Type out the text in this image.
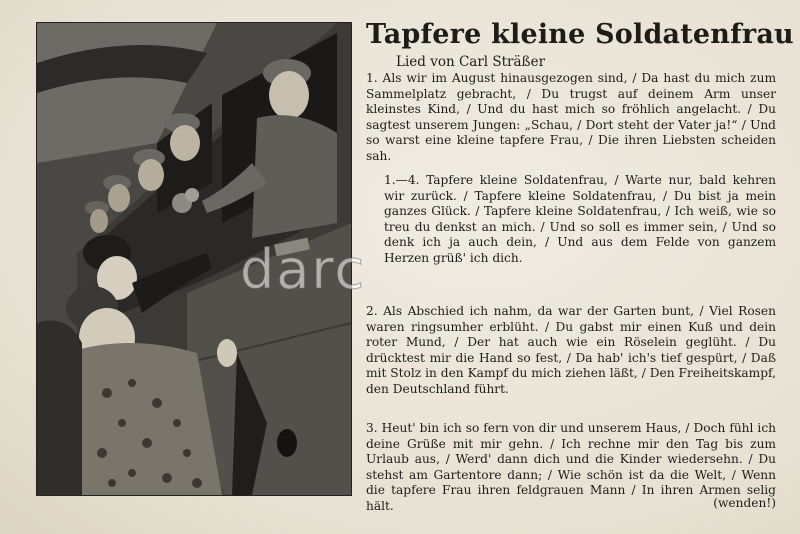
darc
Tapfere kleine Soldatenfrau
Lied von Carl Sträßer

1. Als wir im August hinausgezogen sind, / Da hast du mich zum Sammelplatz gebracht, / Du trugst auf deinem Arm unser kleinstes Kind, / Und du hast mich so fröhlich angelacht. / Du sagtest unserem Jungen: „Schau, / Dort steht der Vater ja!“ / Und so warst eine kleine tapfere Frau, / Die ihren Liebsten scheiden sah.

1.—4. Tapfere kleine Soldatenfrau, / Warte nur, bald kehren wir zurück. / Tapfere kleine Soldatenfrau, / Du bist ja mein ganzes Glück. / Tapfere kleine Soldatenfrau, / Ich weiß, wie so treu du denkst an mich. / Und so soll es immer sein, / Und so denk ich ja auch dein, / Und aus dem Felde von ganzem Herzen grüß' ich dich.

2. Als Abschied ich nahm, da war der Garten bunt, / Viel Rosen waren ringsumher erblüht. / Du gabst mir einen Kuß und dein roter Mund, / Der hat auch wie ein Röselein geglüht. / Du drücktest mir die Hand so fest, / Da hab' ich's tief gespürt, / Daß mit Stolz in den Kampf du mich ziehen läßt, / Den Freiheitskampf, den Deutschland führt.

3. Heut' bin ich so fern von dir und unserem Haus, / Doch fühl ich deine Grüße mit mir gehn. / Ich rechne mir den Tag bis zum Urlaub aus, / Werd' dann dich und die Kinder wiedersehn. / Du stehst am Gartentore dann; / Wie schön ist da die Welt, / Wenn die tapfere Frau ihren feldgrauen Mann / In ihren Armen selig hält.	(wenden!)
